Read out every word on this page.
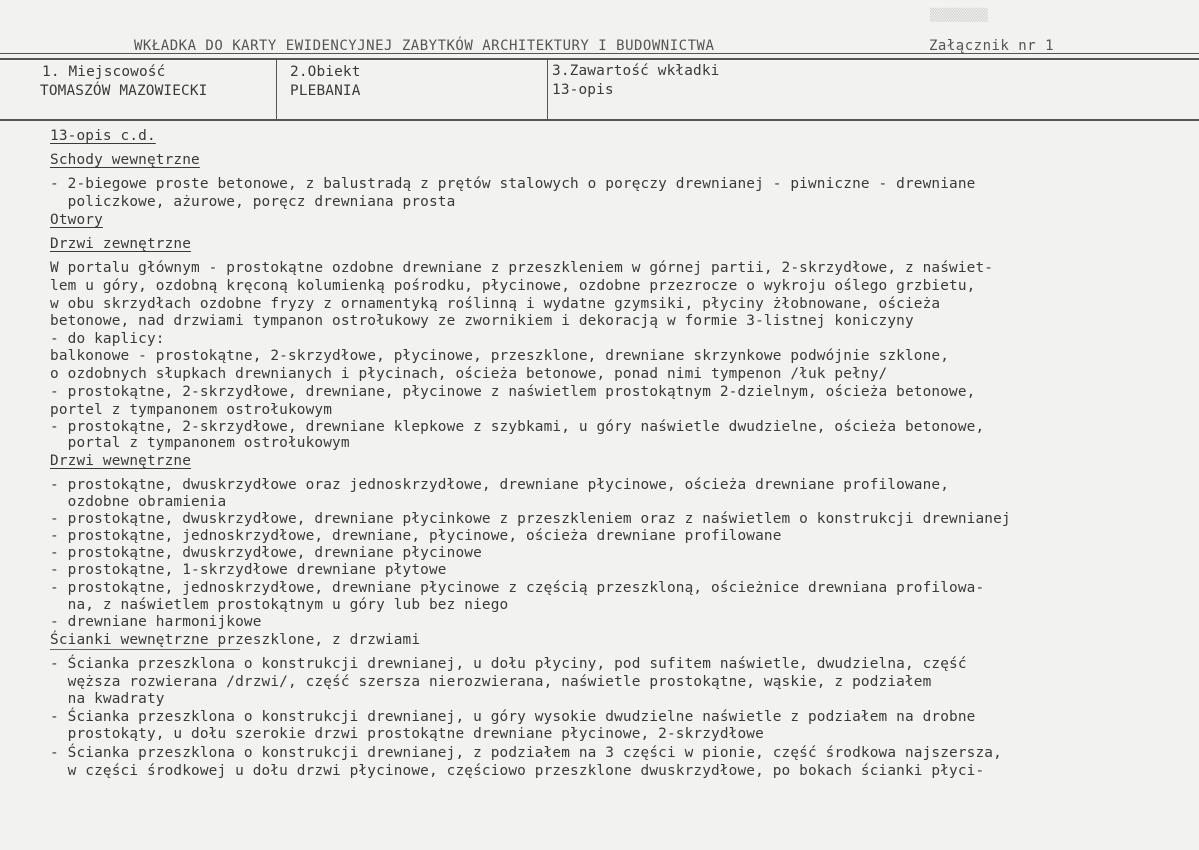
▒▒▒▒▒▒▒▒
WKŁADKA DO KARTY EWIDENCYJNEJ ZABYTKÓW ARCHITEKTURY I BUDOWNICTWA	Załącznik nr 1
1. Miejscowość
TOMASZÓW MAZOWIECKI
2.Obiekt
PLEBANIA
3.Zawartość wkładki
13-opis
13-opis c.d.
Schody wewnętrzne
- 2-biegowe proste betonowe, z balustradą z prętów stalowych o poręczy drewnianej - piwniczne - drewniane
policzkowe, ażurowe, poręcz drewniana prosta
Otwory
Drzwi zewnętrzne
W portalu głównym - prostokątne ozdobne drewniane z przeszkleniem w górnej partii, 2-skrzydłowe, z naświet-
lem u góry, ozdobną kręconą kolumienką pośrodku, płycinowe, ozdobne przezrocze o wykroju oślego grzbietu,
w obu skrzydłach ozdobne fryzy z ornamentyką roślinną i wydatne gzymsiki, płyciny żłobnowane, ościeża
betonowe, nad drzwiami tympanon ostrołukowy ze zwornikiem i dekoracją w formie 3-listnej koniczyny
- do kaplicy:
balkonowe - prostokątne, 2-skrzydłowe, płycinowe, przeszklone, drewniane skrzynkowe podwójnie szklone,
o ozdobnych słupkach drewnianych i płycinach, ościeża betonowe, ponad nimi tympenon /łuk pełny/
- prostokątne, 2-skrzydłowe, drewniane, płycinowe z naświetlem prostokątnym 2-dzielnym, ościeża betonowe,
portel z tympanonem ostrołukowym
- prostokątne, 2-skrzydłowe, drewniane klepkowe z szybkami, u góry naświetle dwudzielne, ościeża betonowe,
portal z tympanonem ostrołukowym
Drzwi wewnętrzne
- prostokątne, dwuskrzydłowe oraz jednoskrzydłowe, drewniane płycinowe, ościeża drewniane profilowane,
ozdobne obramienia
- prostokątne, dwuskrzydłowe, drewniane płycinkowe z przeszkleniem oraz z naświetlem o konstrukcji drewnianej
- prostokątne, jednoskrzydłowe, drewniane, płycinowe, ościeża drewniane profilowane
- prostokątne, dwuskrzydłowe, drewniane płycinowe
- prostokątne, 1-skrzydłowe drewniane płytowe
- prostokątne, jednoskrzydłowe, drewniane płycinowe z częścią przeszkloną, ościeżnice drewniana profilowa-
na, z naświetlem prostokątnym u góry lub bez niego
- drewniane harmonijkowe
Ścianki wewnętrzne przeszklone, z drzwiami
- Ścianka przeszklona o konstrukcji drewnianej, u dołu płyciny, pod sufitem naświetle, dwudzielna, część
węższa rozwierana /drzwi/, część szersza nierozwierana, naświetle prostokątne, wąskie, z podziałem
na kwadraty
- Ścianka przeszklona o konstrukcji drewnianej, u góry wysokie dwudzielne naświetle z podziałem na drobne
prostokąty, u dołu szerokie drzwi prostokątne drewniane płycinowe, 2-skrzydłowe
- Ścianka przeszklona o konstrukcji drewnianej, z podziałem na 3 części w pionie, część środkowa najszersza,
w części środkowej u dołu drzwi płycinowe, częściowo przeszklone dwuskrzydłowe, po bokach ścianki płyci-
